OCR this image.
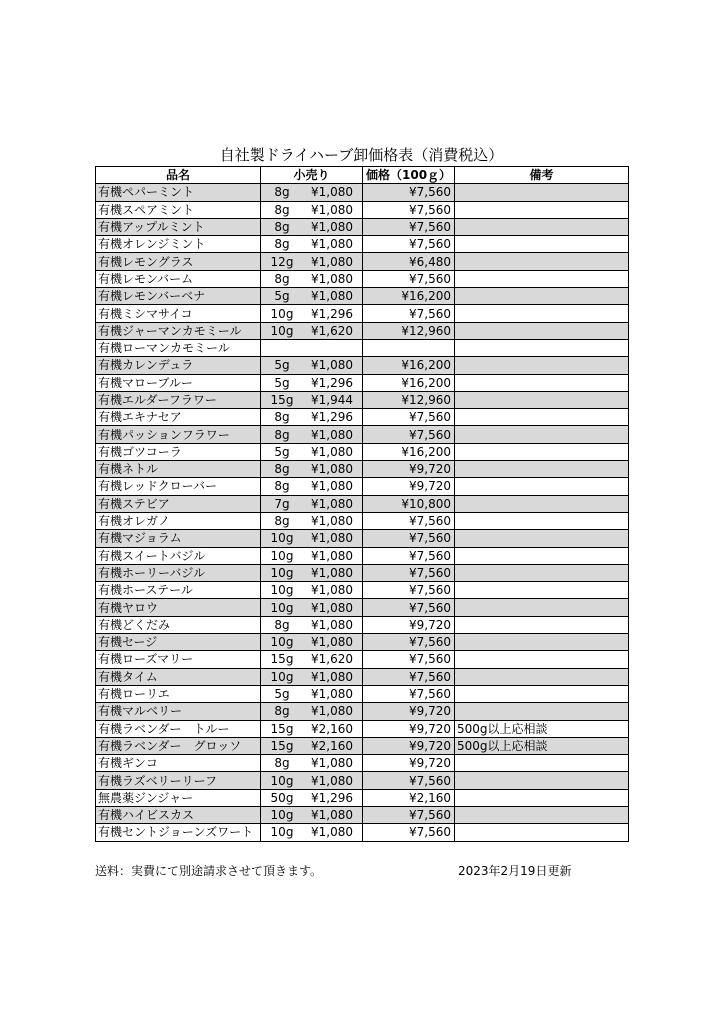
自社製ドライハーブ卸価格表（消費税込）
品名	小売り	価格（100ｇ）	備考
有機ペパーミント	8g ¥1,080	¥7,560	
有機スペアミント	8g ¥1,080	¥7,560	
有機アップルミント	8g ¥1,080	¥7,560	
有機オレンジミント	8g ¥1,080	¥7,560	
有機レモングラス	12g ¥1,080	¥6,480	
有機レモンバーム	8g ¥1,080	¥7,560	
有機レモンバーベナ	5g ¥1,080	¥16,200	
有機ミシマサイコ	10g ¥1,296	¥7,560	
有機ジャーマンカモミール	10g ¥1,620	¥12,960	
有機ローマンカモミール			
有機カレンデュラ	5g ¥1,080	¥16,200	
有機マローブルー	5g ¥1,296	¥16,200	
有機エルダーフラワー	15g ¥1,944	¥12,960	
有機エキナセア	8g ¥1,296	¥7,560	
有機パッションフラワー	8g ¥1,080	¥7,560	
有機ゴツコーラ	5g ¥1,080	¥16,200	
有機ネトル	8g ¥1,080	¥9,720	
有機レッドクローバー	8g ¥1,080	¥9,720	
有機ステビア	7g ¥1,080	¥10,800	
有機オレガノ	8g ¥1,080	¥7,560	
有機マジョラム	10g ¥1,080	¥7,560	
有機スイートバジル	10g ¥1,080	¥7,560	
有機ホーリーバジル	10g ¥1,080	¥7,560	
有機ホーステール	10g ¥1,080	¥7,560	
有機ヤロウ	10g ¥1,080	¥7,560	
有機どくだみ	8g ¥1,080	¥9,720	
有機セージ	10g ¥1,080	¥7,560	
有機ローズマリー	15g ¥1,620	¥7,560	
有機タイム	10g ¥1,080	¥7,560	
有機ローリエ	5g ¥1,080	¥7,560	
有機マルベリー	8g ¥1,080	¥9,720	
有機ラベンダー　トルー	15g ¥2,160	¥9,720	500g以上応相談
有機ラベンダー　グロッソ	15g ¥2,160	¥9,720	500g以上応相談
有機ギンコ	8g ¥1,080	¥9,720	
有機ラズベリーリーフ	10g ¥1,080	¥7,560	
無農薬ジンジャー	50g ¥1,296	¥2,160	
有機ハイビスカス	10g ¥1,080	¥7,560	
有機セントジョーンズワート	10g ¥1,080	¥7,560	
送料：実費にて別途請求させて頂きます。	2023年2月19日更新
